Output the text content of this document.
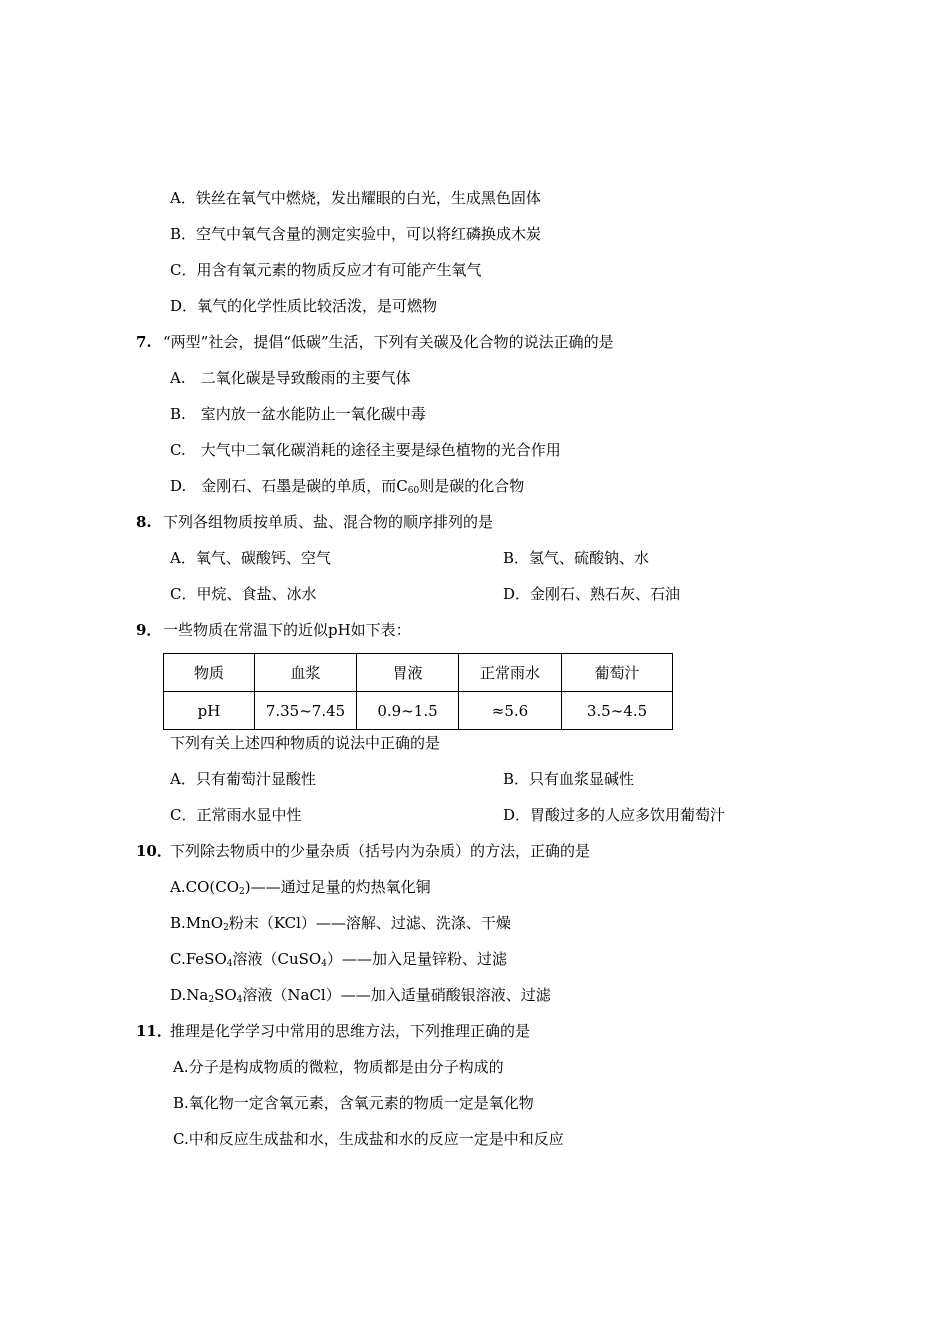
A．铁丝在氧气中燃烧，发出耀眼的白光，生成黑色固体
B．空气中氧气含量的测定实验中，可以将红磷换成木炭
C．用含有氧元素的物质反应才有可能产生氧气
D．氧气的化学性质比较活泼，是可燃物
7. “两型”社会，提倡“低碳”生活，下列有关碳及化合物的说法正确的是
A.　二氧化碳是导致酸雨的主要气体
B.　室内放一盆水能防止一氧化碳中毒
C.　大气中二氧化碳消耗的途径主要是绿色植物的光合作用
D.　金刚石、石墨是碳的单质，而$C_{60}$则是碳的化合物
8. 下列各组物质按单质、盐、混合物的顺序排列的是
A．氧气、碳酸钙、空气	B．氢气、硫酸钠、水
C．甲烷、食盐、冰水	D．金刚石、熟石灰、石油
9． 一些物质在常温下的近似pH如下表：
物质	血浆	胃液	正常雨水	葡萄汁
pH	7.35~7.45	0.9~1.5	≈5.6	3.5~4.5
下列有关上述四种物质的说法中正确的是
A．只有葡萄汁显酸性	B．只有血浆显碱性
C．正常雨水显中性	D．胃酸过多的人应多饮用葡萄汁
10．
下列除去物质中的少量杂质（括号内为杂质）的方法，正确的是
$A.CO(CO_2)——$通过足量的灼热氧化铜
B.MnO$_2$粉末（KCl）——溶解、过滤、洗涤、干燥
C.FeSO$_4$溶液（CuSO$_4$）——加入足量锌粉、过滤
$D.Na_2SO_4$溶液（NaCl）——加入适量硝酸银溶液、过滤
11．
推理是化学学习中常用的思维方法，下列推理正确的是
A.分子是构成物质的微粒，物质都是由分子构成的
B.氧化物一定含氧元素，含氧元素的物质一定是氧化物
C.中和反应生成盐和水，生成盐和水的反应一定是中和反应
